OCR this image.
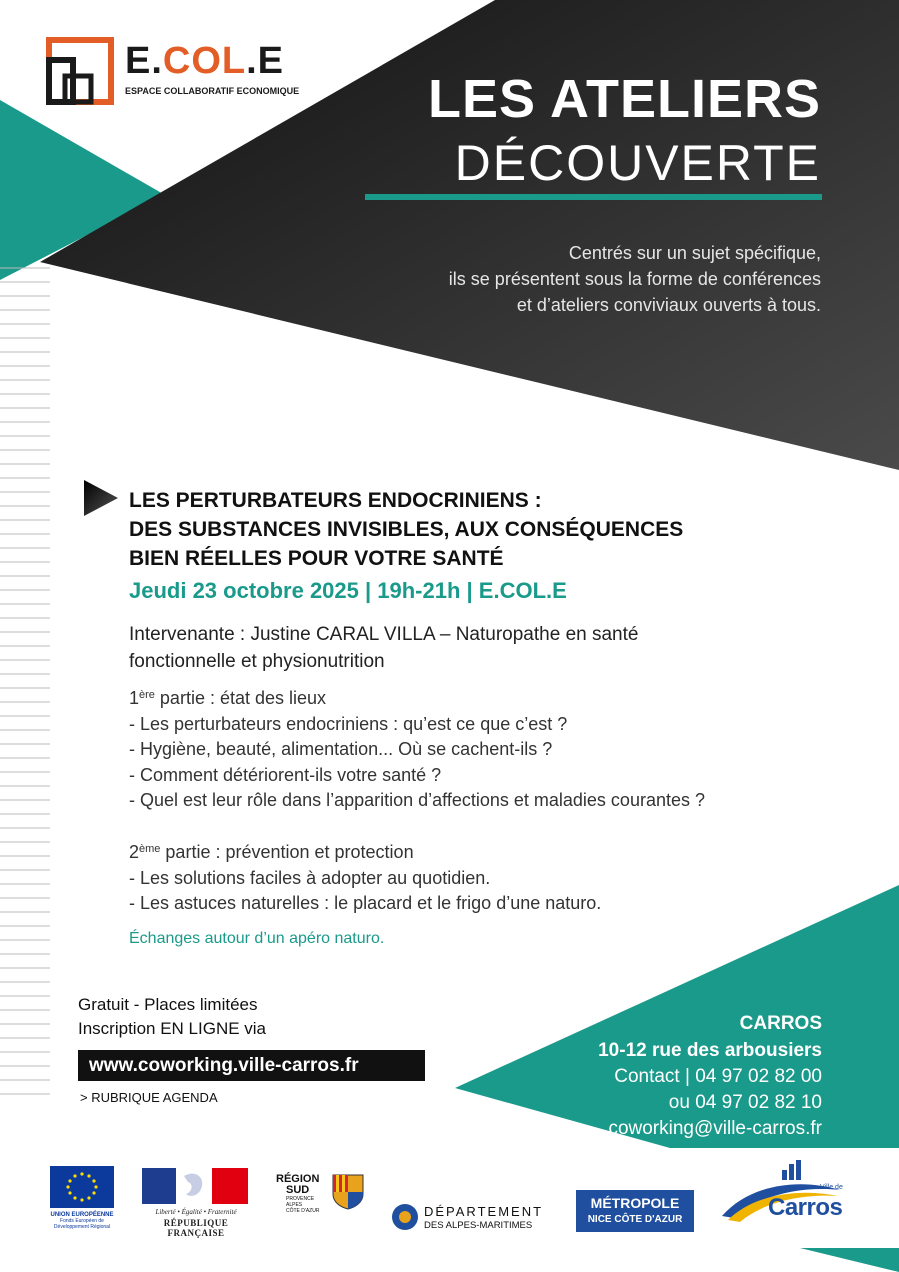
E.COL.E
ESPACE COLLABORATIF ECONOMIQUE LES ATELIERS
DÉCOUVERTE
Centrés sur un sujet spécifique,
ils se présentent sous la forme de conférences
et d’ateliers conviviaux ouverts à tous.
LES PERTURBATEURS ENDOCRINIENS :
DES SUBSTANCES INVISIBLES, AUX CONSÉQUENCES
BIEN RÉELLES POUR VOTRE SANTÉ
Jeudi 23 octobre 2025 | 19h-21h | E.COL.E
Intervenante : Justine CARAL VILLA – Naturopathe en santé
fonctionnelle et physionutrition
1ère partie : état des lieux
- Les perturbateurs endocriniens : qu’est ce que c’est ?
- Hygiène, beauté, alimentation... Où se cachent-ils ?
- Comment détériorent-ils votre santé ?
- Quel est leur rôle dans l’apparition d’affections et maladies courantes ?
2ème partie : prévention et protection
- Les solutions faciles à adopter au quotidien.
- Les astuces naturelles : le placard et le frigo d’une naturo.
Échanges autour d’un apéro naturo.
Gratuit - Places limitées
Inscription EN LIGNE via
www.coworking.ville-carros.fr
> RUBRIQUE AGENDA
CARROS
10-12 rue des arbousiers
Contact | 04 97 02 82 00
ou 04 97 02 82 10
coworking@ville-carros.fr
UNION EUROPÉENNE
Fonds Européen de
Développement Régional
Liberté • Égalité • Fraternité
RÉPUBLIQUE FRANÇAISE
RÉGION
SUD
PROVENCE
ALPES
CÔTE D'AZUR	DÉPARTEMENT
DES ALPES-MARITIMES
MÉTROPOLE
NICE CÔTE D'AZUR
Ville de
Carros
